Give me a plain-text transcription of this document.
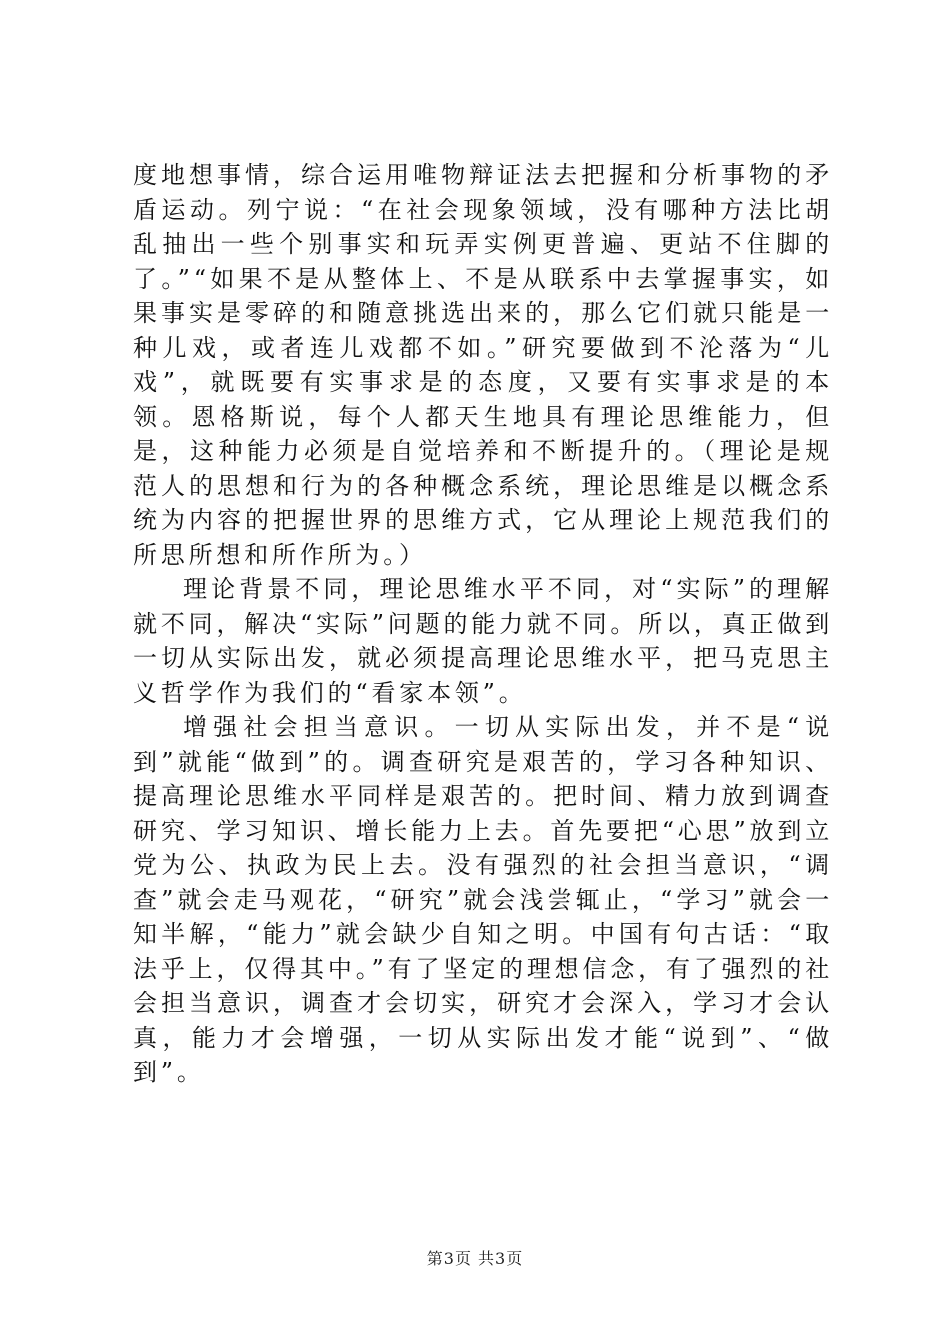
度地想事情，综合运用唯物辩证法去把握和分析事物的矛盾运动。列宁说：“在社会现象领域，没有哪种方法比胡乱抽出一些个别事实和玩弄实例更普遍、更站不住脚的了。”“如果不是从整体上、不是从联系中去掌握事实，如果事实是零碎的和随意挑选出来的，那么它们就只能是一种儿戏，或者连儿戏都不如。”研究要做到不沦落为“儿戏”，就既要有实事求是的态度，又要有实事求是的本领。恩格斯说，每个人都天生地具有理论思维能力，但是，这种能力必须是自觉培养和不断提升的。（理论是规范人的思想和行为的各种概念系统，理论思维是以概念系统为内容的把握世界的思维方式，它从理论上规范我们的所思所想和所作所为。）

理论背景不同，理论思维水平不同，对“实际”的理解就不同，解决“实际”问题的能力就不同。所以，真正做到一切从实际出发，就必须提高理论思维水平，把马克思主义哲学作为我们的“看家本领”。

增强社会担当意识。一切从实际出发，并不是“说到”就能“做到”的。调查研究是艰苦的，学习各种知识、提高理论思维水平同样是艰苦的。把时间、精力放到调查研究、学习知识、增长能力上去。首先要把“心思”放到立党为公、执政为民上去。没有强烈的社会担当意识，“调查”就会走马观花，“研究”就会浅尝辄止，“学习”就会一知半解，“能力”就会缺少自知之明。中国有句古话：“取法乎上，仅得其中。”有了坚定的理想信念，有了强烈的社会担当意识，调查才会切实，研究才会深入，学习才会认真，能力才会增强，一切从实际出发才能“说到”、“做到”。

第3页 共3页
